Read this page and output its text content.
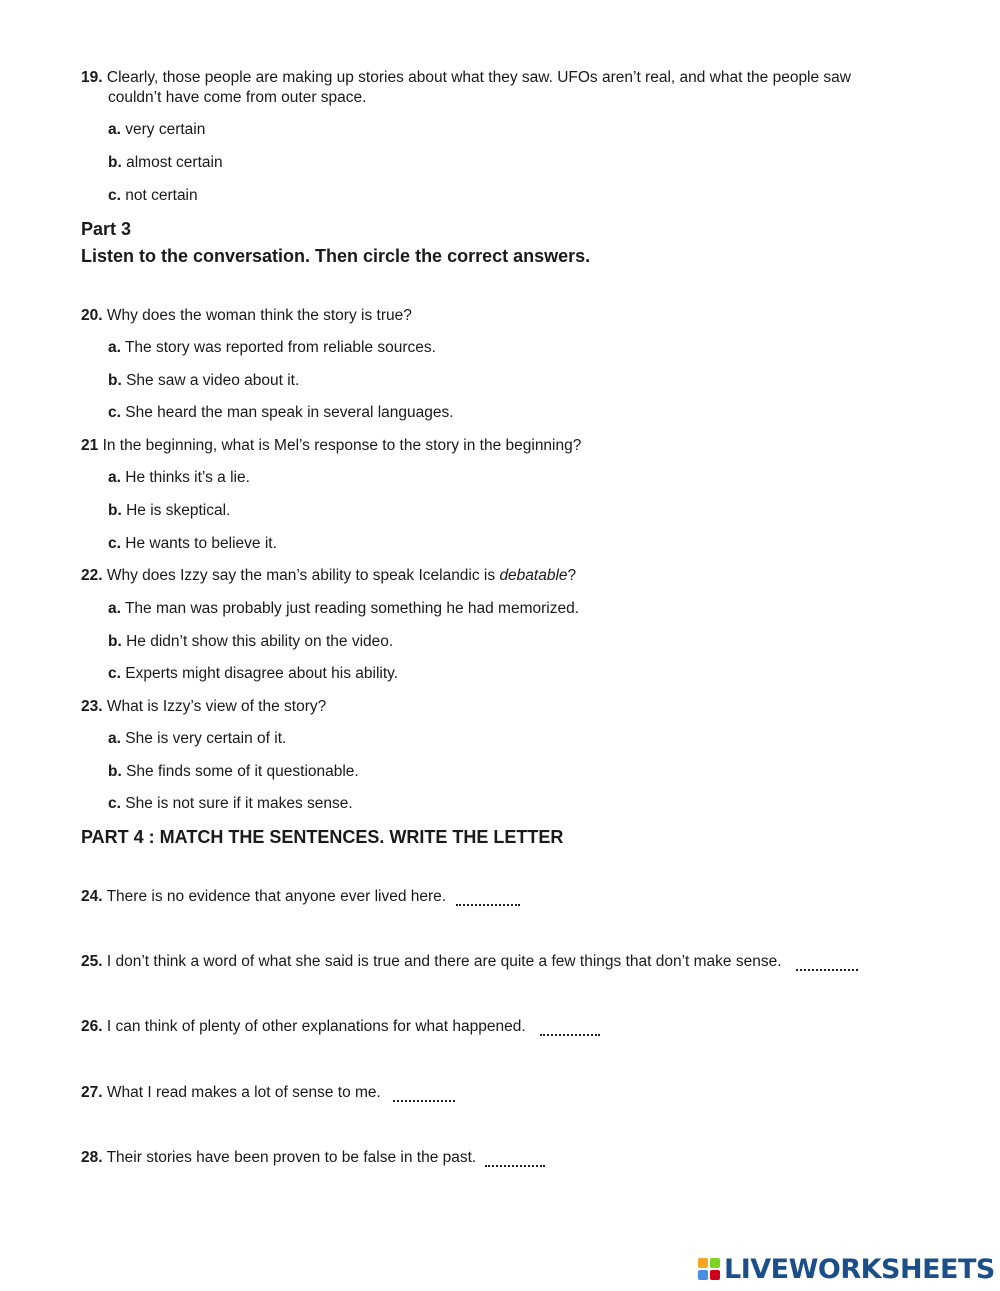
19. Clearly, those people are making up stories about what they saw. UFOs aren’t real, and what the people saw
couldn’t have come from outer space.
a. very certain
b. almost certain
c. not certain
Part 3
Listen to the conversation. Then circle the correct answers.
20. Why does the woman think the story is true?
a. The story was reported from reliable sources.
b. She saw a video about it.
c. She heard the man speak in several languages.
21 In the beginning, what is Mel’s response to the story in the beginning?
a. He thinks it’s a lie.
b. He is skeptical.
c. He wants to believe it.
22. Why does Izzy say the man’s ability to speak Icelandic is debatable?
a. The man was probably just reading something he had memorized.
b. He didn’t show this ability on the video.
c. Experts might disagree about his ability.
23. What is Izzy’s view of the story?
a. She is very certain of it.
b. She finds some of it questionable.
c. She is not sure if it makes sense.
PART 4 : MATCH THE SENTENCES. WRITE THE LETTER
24. There is no evidence that anyone ever lived here.
25. I don’t think a word of what she said is true and there are quite a few things that don’t make sense.
26. I can think of plenty of other explanations for what happened.
27. What I read makes a lot of sense to me.
28. Their stories have been proven to be false in the past.
LIVEWORKSHEETS
